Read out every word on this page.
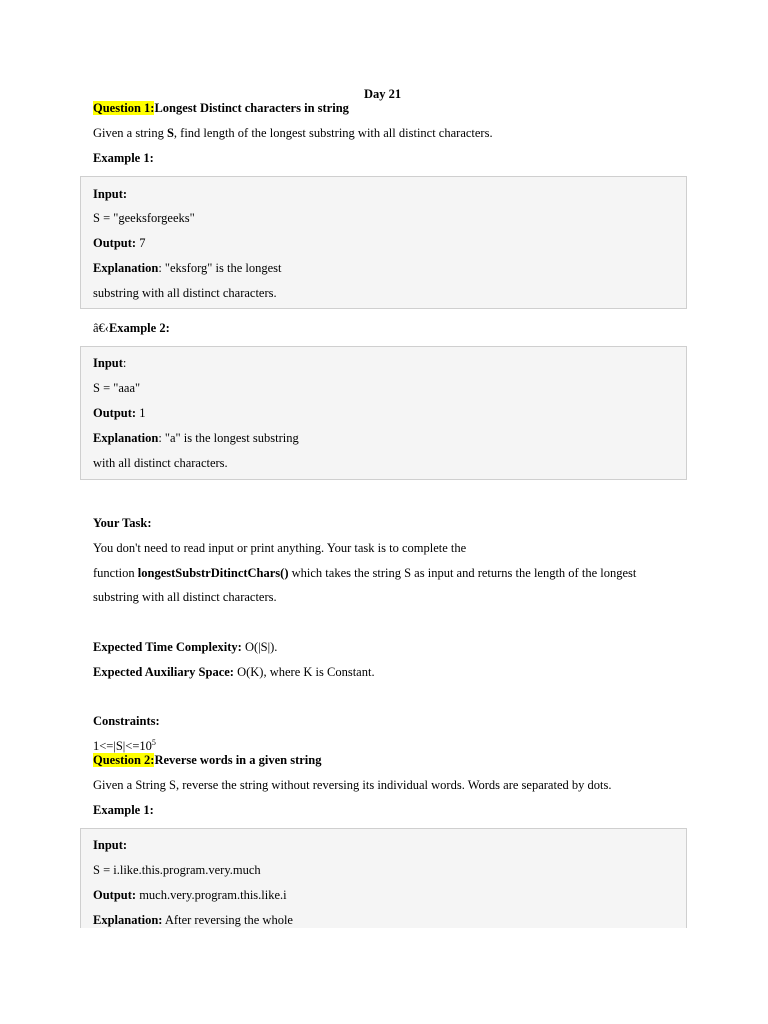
Day 21
Question 1:Longest Distinct characters in string
Given a string S, find length of the longest substring with all distinct characters.
Example 1:
Input:
S = "geeksforgeeks"
Output: 7
Explanation: "eksforg" is the longest
substring with all distinct characters.
â€‹Example 2:
Input:
S = "aaa"
Output: 1
Explanation: "a" is the longest substring
with all distinct characters.
Your Task:
You don't need to read input or print anything. Your task is to complete the
function longestSubstrDitinctChars() which takes the string S as input and returns the length of the longest
substring with all distinct characters.
Expected Time Complexity: O(|S|).
Expected Auxiliary Space: O(K), where K is Constant.
Constraints:
$1<=|S|<=10^5$
Question 2:Reverse words in a given string
Given a String S, reverse the string without reversing its individual words. Words are separated by dots.
Example 1:
Input:
S = i.like.this.program.very.much
Output: much.very.program.this.like.i
Explanation: After reversing the whole
